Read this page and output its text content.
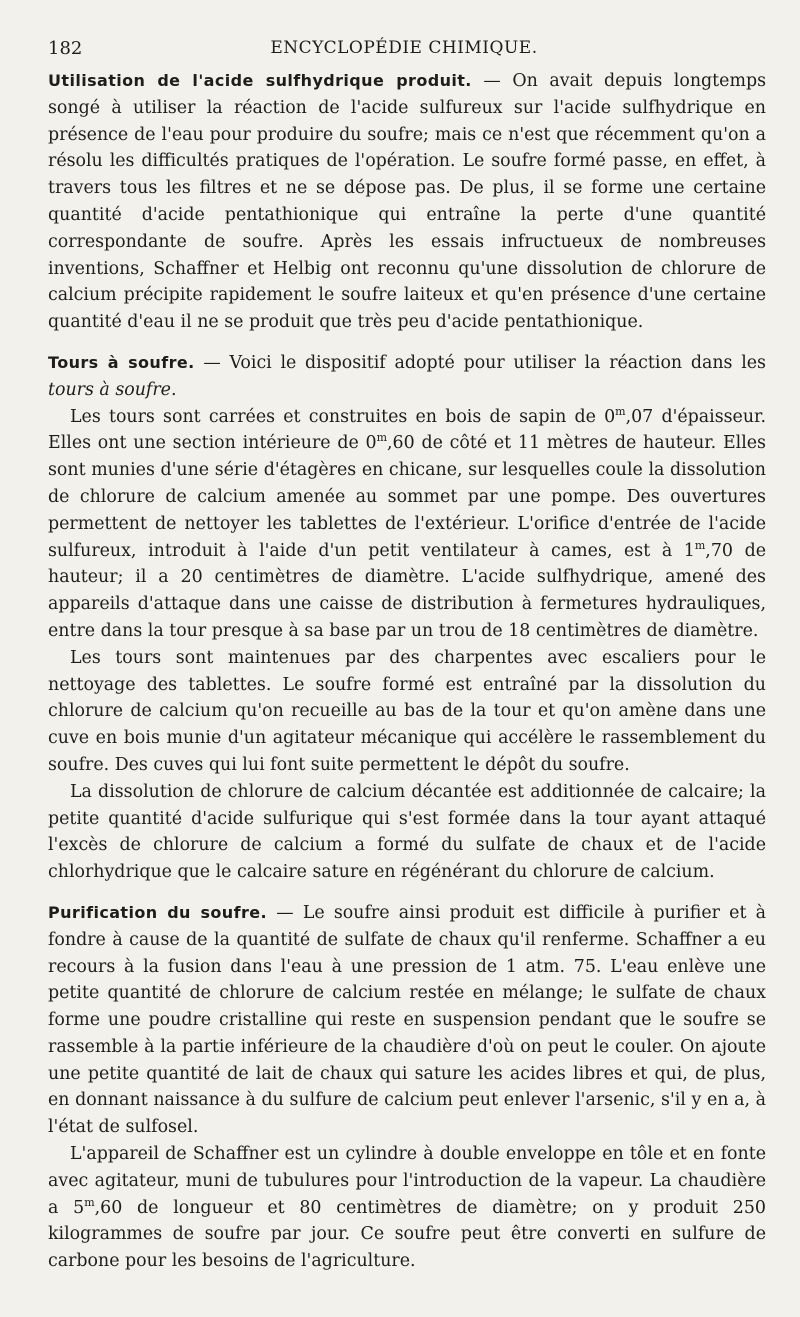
182	ENCYCLOPÉDIE CHIMIQUE.

Utilisation de l'acide sulfhydrique produit. — On avait depuis longtemps songé à utiliser la réaction de l'acide sulfureux sur l'acide sulfhydrique en présence de l'eau pour produire du soufre; mais ce n'est que récemment qu'on a résolu les difficultés pratiques de l'opération. Le soufre formé passe, en effet, à travers tous les filtres et ne se dépose pas. De plus, il se forme une certaine quantité d'acide pentathionique qui entraîne la perte d'une quantité correspondante de soufre. Après les essais infructueux de nombreuses inventions, Schaffner et Helbig ont reconnu qu'une dissolution de chlorure de calcium précipite rapidement le soufre laiteux et qu'en présence d'une certaine quantité d'eau il ne se produit que très peu d'acide pentathionique.

Tours à soufre. — Voici le dispositif adopté pour utiliser la réaction dans les tours à soufre.

Les tours sont carrées et construites en bois de sapin de 0$^m$,07 d'épaisseur. Elles ont une section intérieure de 0$^m$,60 de côté et 11 mètres de hauteur. Elles sont munies d'une série d'étagères en chicane, sur lesquelles coule la dissolution de chlorure de calcium amenée au sommet par une pompe. Des ouvertures permettent de nettoyer les tablettes de l'extérieur. L'orifice d'entrée de l'acide sulfureux, introduit à l'aide d'un petit ventilateur à cames, est à 1$^m$,70 de hauteur; il a 20 centimètres de diamètre. L'acide sulfhydrique, amené des appareils d'attaque dans une caisse de distribution à fermetures hydrauliques, entre dans la tour presque à sa base par un trou de 18 centimètres de diamètre.

Les tours sont maintenues par des charpentes avec escaliers pour le nettoyage des tablettes. Le soufre formé est entraîné par la dissolution du chlorure de calcium qu'on recueille au bas de la tour et qu'on amène dans une cuve en bois munie d'un agitateur mécanique qui accélère le rassemblement du soufre. Des cuves qui lui font suite permettent le dépôt du soufre.

La dissolution de chlorure de calcium décantée est additionnée de calcaire; la petite quantité d'acide sulfurique qui s'est formée dans la tour ayant attaqué l'excès de chlorure de calcium a formé du sulfate de chaux et de l'acide chlorhydrique que le calcaire sature en régénérant du chlorure de calcium.

Purification du soufre. — Le soufre ainsi produit est difficile à purifier et à fondre à cause de la quantité de sulfate de chaux qu'il renferme. Schaffner a eu recours à la fusion dans l'eau à une pression de 1 atm. 75. L'eau enlève une petite quantité de chlorure de calcium restée en mélange; le sulfate de chaux forme une poudre cristalline qui reste en suspension pendant que le soufre se rassemble à la partie inférieure de la chaudière d'où on peut le couler. On ajoute une petite quantité de lait de chaux qui sature les acides libres et qui, de plus, en donnant naissance à du sulfure de calcium peut enlever l'arsenic, s'il y en a, à l'état de sulfosel.

L'appareil de Schaffner est un cylindre à double enveloppe en tôle et en fonte avec agitateur, muni de tubulures pour l'introduction de la vapeur. La chaudière a 5$^m$,60 de longueur et 80 centimètres de diamètre; on y produit 250 kilogrammes de soufre par jour. Ce soufre peut être converti en sulfure de carbone pour les besoins de l'agriculture.
